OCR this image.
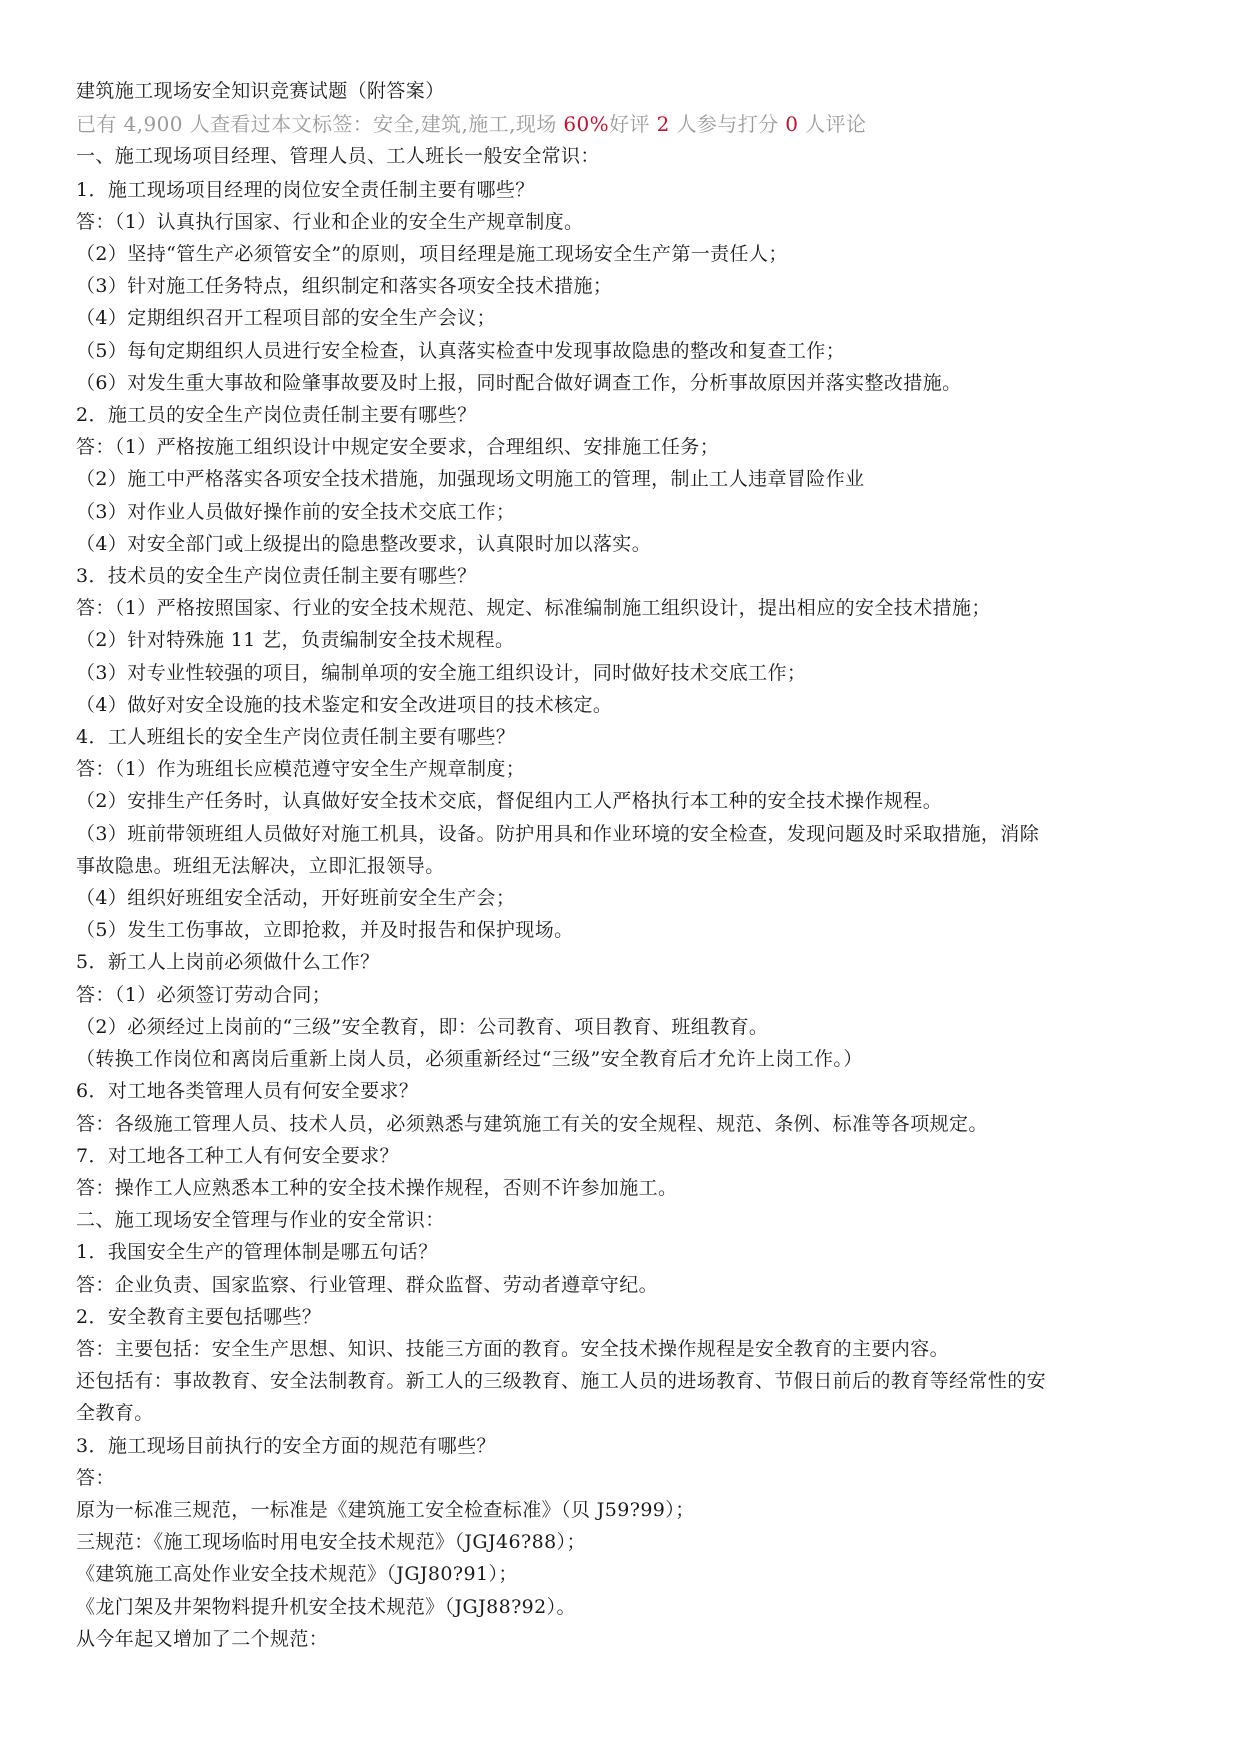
建筑施工现场安全知识竞赛试题（附答案）
已有 4,900 人查看过本文标签：安全,建筑,施工,现场 60%好评 2 人参与打分 0 人评论
一、施工现场项目经理、管理人员、工人班长一般安全常识：
1．施工现场项目经理的岗位安全责任制主要有哪些？
答：（1）认真执行国家、行业和企业的安全生产规章制度。
（2）坚持“管生产必须管安全”的原则，项目经理是施工现场安全生产第一责任人；
（3）针对施工任务特点，组织制定和落实各项安全技术措施；
（4）定期组织召开工程项目部的安全生产会议；
（5）每旬定期组织人员进行安全检查，认真落实检查中发现事故隐患的整改和复查工作；
（6）对发生重大事故和险肇事故要及时上报，同时配合做好调查工作，分析事故原因并落实整改措施。
2．施工员的安全生产岗位责任制主要有哪些？
答：（1）严格按施工组织设计中规定安全要求，合理组织、安排施工任务；
（2）施工中严格落实各项安全技术措施，加强现场文明施工的管理，制止工人违章冒险作业
（3）对作业人员做好操作前的安全技术交底工作；
（4）对安全部门或上级提出的隐患整改要求，认真限时加以落实。
3．技术员的安全生产岗位责任制主要有哪些？
答：（1）严格按照国家、行业的安全技术规范、规定、标准编制施工组织设计，提出相应的安全技术措施；
（2）针对特殊施 11 艺，负责编制安全技术规程。
（3）对专业性较强的项目，编制单项的安全施工组织设计，同时做好技术交底工作；
（4）做好对安全设施的技术鉴定和安全改进项目的技术核定。
4．工人班组长的安全生产岗位责任制主要有哪些？
答：（1）作为班组长应模范遵守安全生产规章制度；
（2）安排生产任务时，认真做好安全技术交底，督促组内工人严格执行本工种的安全技术操作规程。
（3）班前带领班组人员做好对施工机具，设备。防护用具和作业环境的安全检查，发现问题及时采取措施，消除
事故隐患。班组无法解决，立即汇报领导。
（4）组织好班组安全活动，开好班前安全生产会；
（5）发生工伤事故，立即抢救，并及时报告和保护现场。
5．新工人上岗前必须做什么工作？
答：（1）必须签订劳动合同；
（2）必须经过上岗前的“三级”安全教育，即：公司教育、项目教育、班组教育。
（转换工作岗位和离岗后重新上岗人员，必须重新经过“三级”安全教育后才允许上岗工作。）
6．对工地各类管理人员有何安全要求？
答：各级施工管理人员、技术人员，必须熟悉与建筑施工有关的安全规程、规范、条例、标准等各项规定。
7．对工地各工种工人有何安全要求？
答：操作工人应熟悉本工种的安全技术操作规程，否则不许参加施工。
二、施工现场安全管理与作业的安全常识：
1．我国安全生产的管理体制是哪五句话？
答：企业负责、国家监察、行业管理、群众监督、劳动者遵章守纪。
2．安全教育主要包括哪些？
答：主要包括：安全生产思想、知识、技能三方面的教育。安全技术操作规程是安全教育的主要内容。
还包括有：事故教育、安全法制教育。新工人的三级教育、施工人员的进场教育、节假日前后的教育等经常性的安
全教育。
3．施工现场目前执行的安全方面的规范有哪些？
答：
原为一标准三规范，一标准是《建筑施工安全检查标准》（贝 J59?99）；
三规范：《施工现场临时用电安全技术规范》（JGJ46?88）；
《建筑施工高处作业安全技术规范》（JGJ80?91）；
《龙门架及井架物料提升机安全技术规范》（JGJ88?92）。
从今年起又增加了二个规范：
